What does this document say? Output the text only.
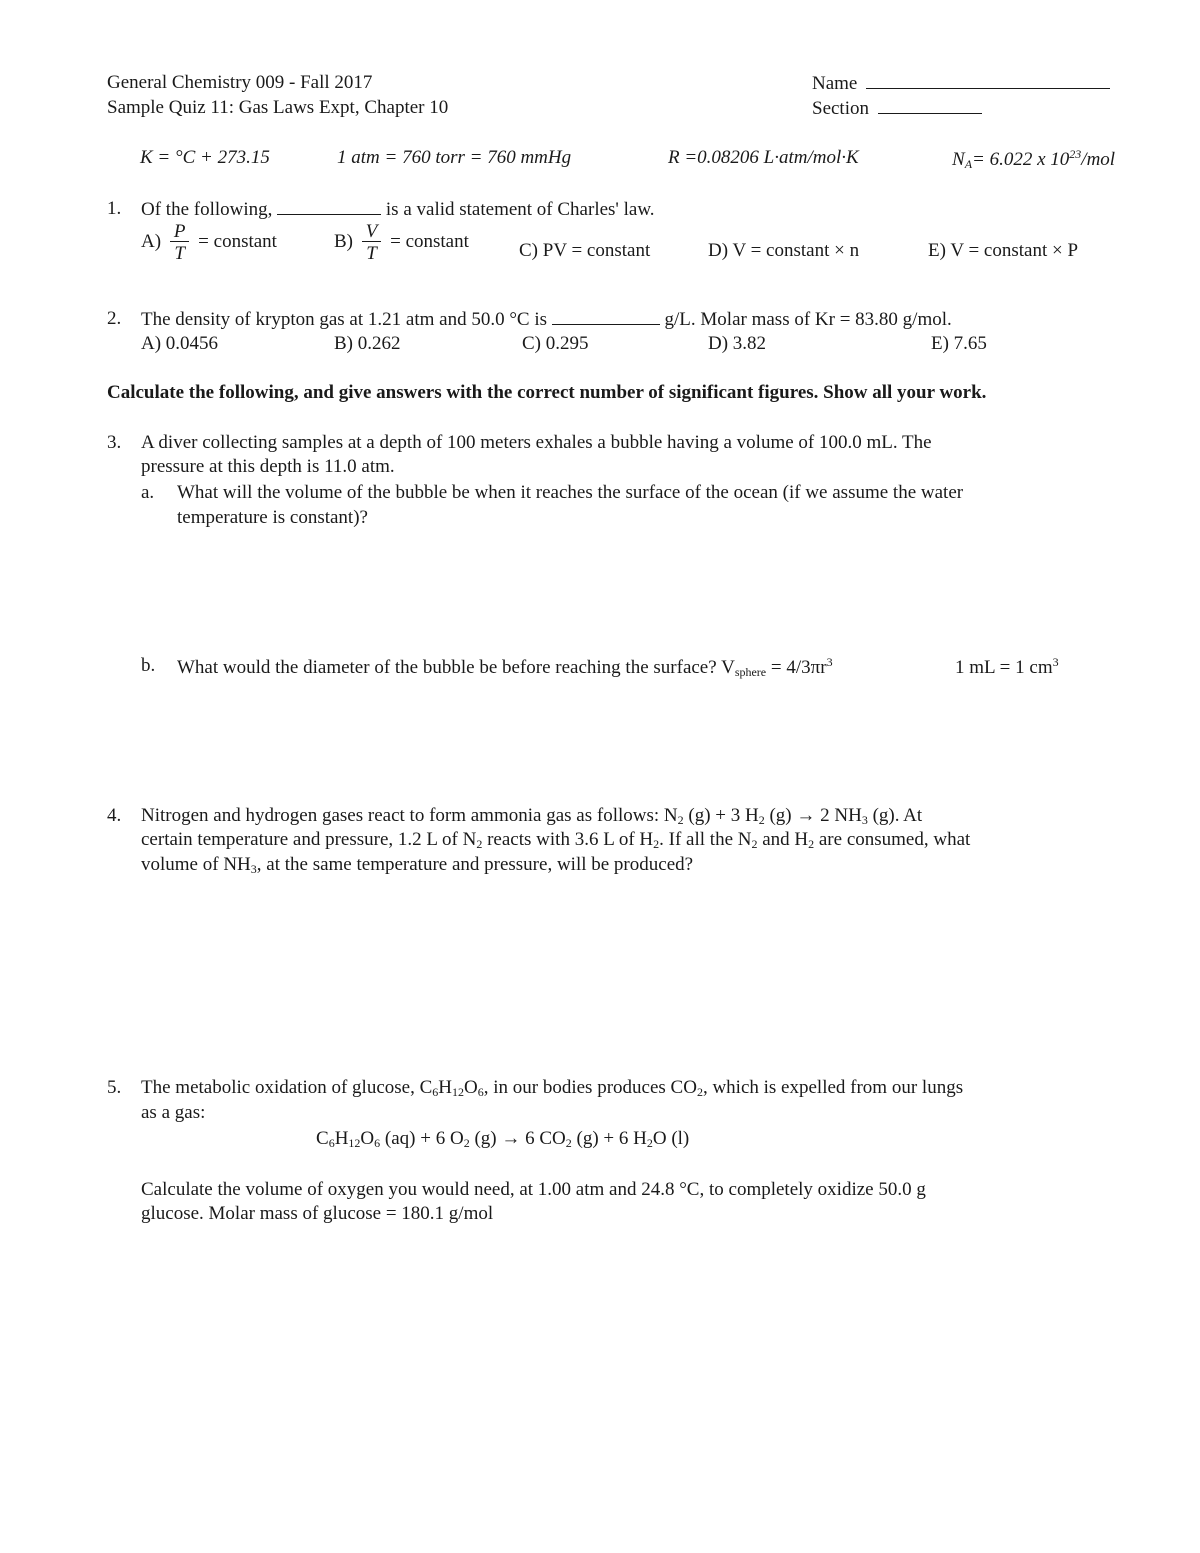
General Chemistry 009 - Fall 2017
Sample Quiz 11: Gas Laws Expt, Chapter 10
Name
Section
K = °C + 273.15	1 atm = 760 torr = 760 mmHg	R =0.08206 L·atm/mol·K	$N_A= 6.022$ x $10^{23}$/mol
1. Of the following,	is a valid statement of Charles' law.
$A) \frac{P}{T}$ = constant	$B) \frac{V}{T}$ = constant	C) PV = constant	D) V = constant × n	E) V = constant × P
2. The density of krypton gas at 1.21 atm and 50.0 °C is	g/L. Molar mass of Kr = 83.80 g/mol.
A) 0.0456	B) 0.262	C) 0.295	D) 3.82	E) 7.65
Calculate the following, and give answers with the correct number of significant figures. Show all your work.
3. A diver collecting samples at a depth of 100 meters exhales a bubble having a volume of 100.0 mL. The
pressure at this depth is 11.0 atm.
a. What will the volume of the bubble be when it reaches the surface of the ocean (if we assume the water
temperature is constant)?
b. What would the diameter of the bubble be before reaching the surface? $V_{sphere} = 4/3\pi r^3$	1 mL = 1 $cm^3$
4. Nitrogen and hydrogen gases react to form ammonia gas as follows: $N_2$ (g) + 3 $H_2$ (g) → 2 $NH_3$ (g). At
certain temperature and pressure, 1.2 L of $N_2$ reacts with 3.6 L of $H_2$. If all the $N_2$ and $H_2$ are consumed, what
volume of $NH_3$, at the same temperature and pressure, will be produced?
5. The metabolic oxidation of glucose, $C_6H_{12}O_6$, in our bodies produces $CO_2$, which is expelled from our lungs
as a gas:
$C_6H_{12}O_6$ (aq) + 6 $O_2$ (g) → 6 $CO_2$ (g) + 6 $H_2O$ (l)
Calculate the volume of oxygen you would need, at 1.00 atm and 24.8 °C, to completely oxidize 50.0 g
glucose. Molar mass of glucose = 180.1 g/mol
